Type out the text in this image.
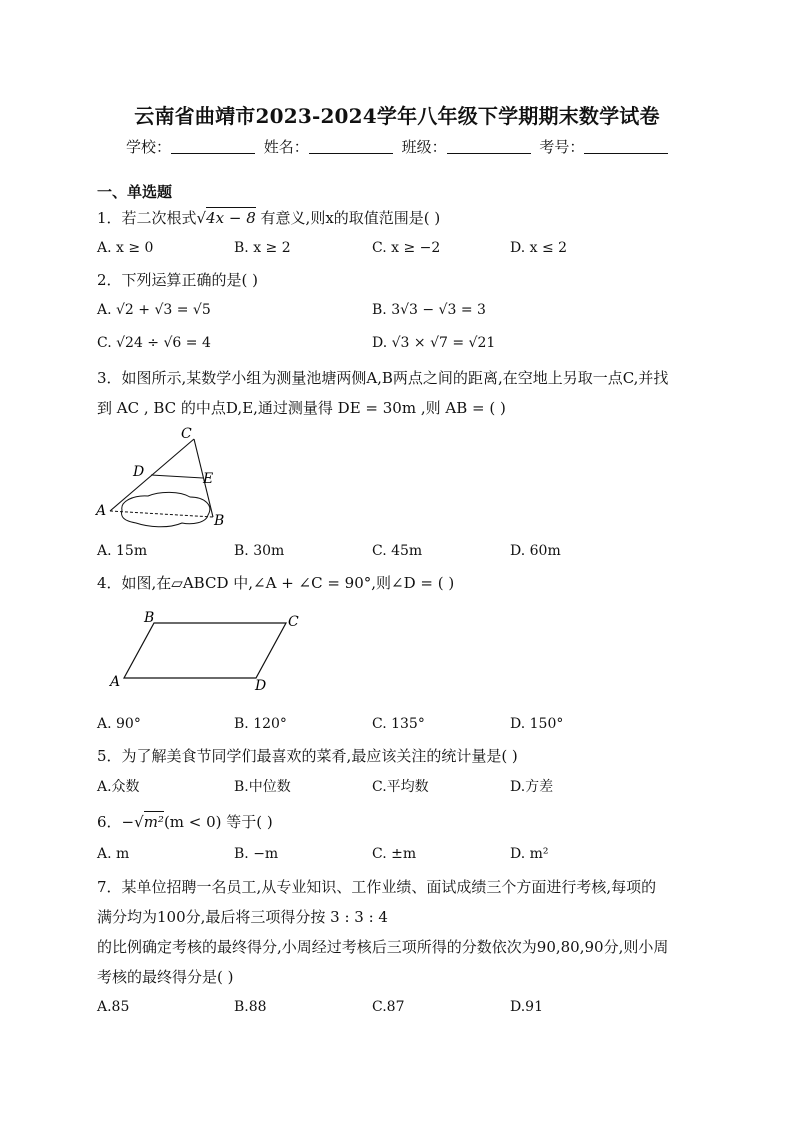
云南省曲靖市2023-2024学年八年级下学期期末数学试卷
学校：	姓名：	班级：	考号：
一、单选题
1．若二次根式√4x − 8 有意义,则x的取值范围是( )
A. x ≥ 0	B. x ≥ 2	C. x ≥ −2	D. x ≤ 2
2．下列运算正确的是( )
A. √2 + √3 = √5	B. 3√3 − √3 = 3
C. √24 ÷ √6 = 4	D. √3 × √7 = √21
3．如图所示,某数学小组为测量池塘两侧A,B两点之间的距离,在空地上另取一点C,并找
到 AC , BC 的中点D,E,通过测量得 DE = 30m ,则 AB = ( )
C
D	E
A
B
A. 15m	B. 30m	C. 45m	D. 60m
4．如图,在▱ABCD 中,∠A + ∠C = 90°,则∠D = ( )
B	C
A	D
A. 90°	B. 120°	C. 135°	D. 150°
5．为了解美食节同学们最喜欢的菜肴,最应该关注的统计量是( )
A.众数	B.中位数	C.平均数	D.方差
6．−√m²(m < 0) 等于( )
A. m	B. −m	C. ±m	D. m²
7．某单位招聘一名员工,从专业知识、工作业绩、面试成绩三个方面进行考核,每项的
满分均为100分,最后将三项得分按 3 : 3 : 4
的比例确定考核的最终得分,小周经过考核后三项所得的分数依次为90,80,90分,则小周
考核的最终得分是( )
A.85	B.88	C.87	D.91
